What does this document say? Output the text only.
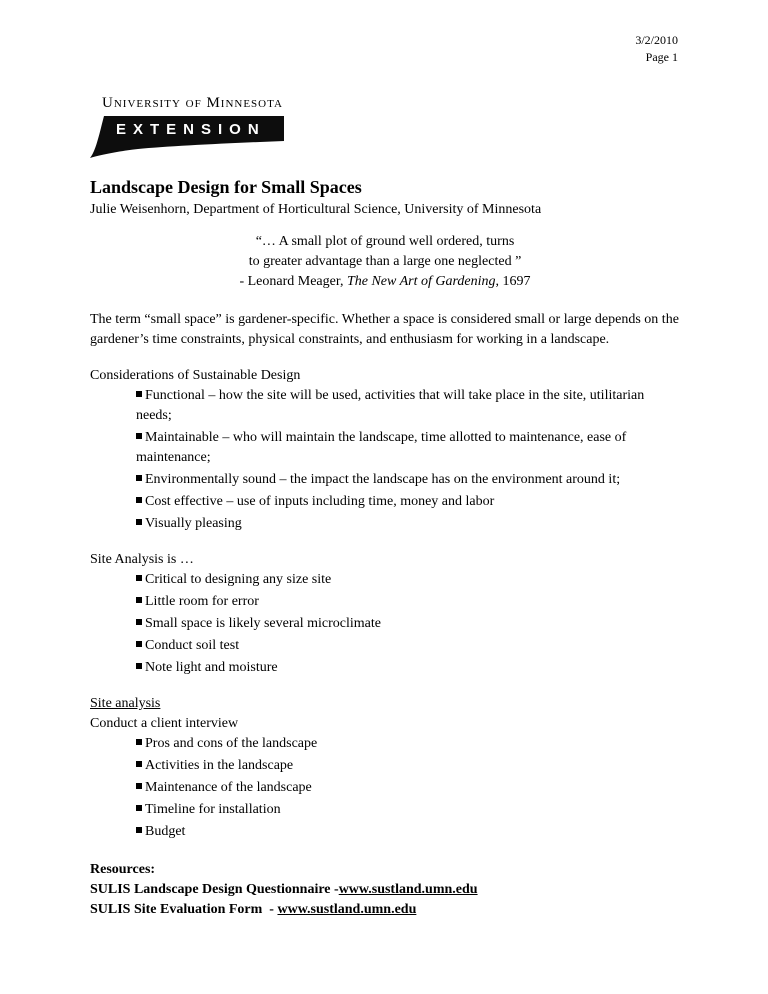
3/2/2010
Page 1
University of Minnesota
EXTENSION
Landscape Design for Small Spaces
Julie Weisenhorn, Department of Horticultural Science, University of Minnesota
“… A small plot of ground well ordered, turns
to greater advantage than a large one neglected ”
- Leonard Meager, The New Art of Gardening, 1697
The term “small space” is gardener-specific. Whether a space is considered small or large depends on the gardener’s time constraints, physical constraints, and enthusiasm for working in a landscape.
Considerations of Sustainable Design
Functional – how the site will be used, activities that will take place in the site, utilitarian needs;
Maintainable – who will maintain the landscape, time allotted to maintenance, ease of maintenance;
Environmentally sound – the impact the landscape has on the environment around it;
Cost effective – use of inputs including time, money and labor
Visually pleasing
Site Analysis is …
Critical to designing any size site
Little room for error
Small space is likely several microclimate
Conduct soil test
Note light and moisture
Site analysis
Conduct a client interview
Pros and cons of the landscape
Activities in the landscape
Maintenance of the landscape
Timeline for installation
Budget
Resources:
SULIS Landscape Design Questionnaire -www.sustland.umn.edu
SULIS Site Evaluation Form  - www.sustland.umn.edu
